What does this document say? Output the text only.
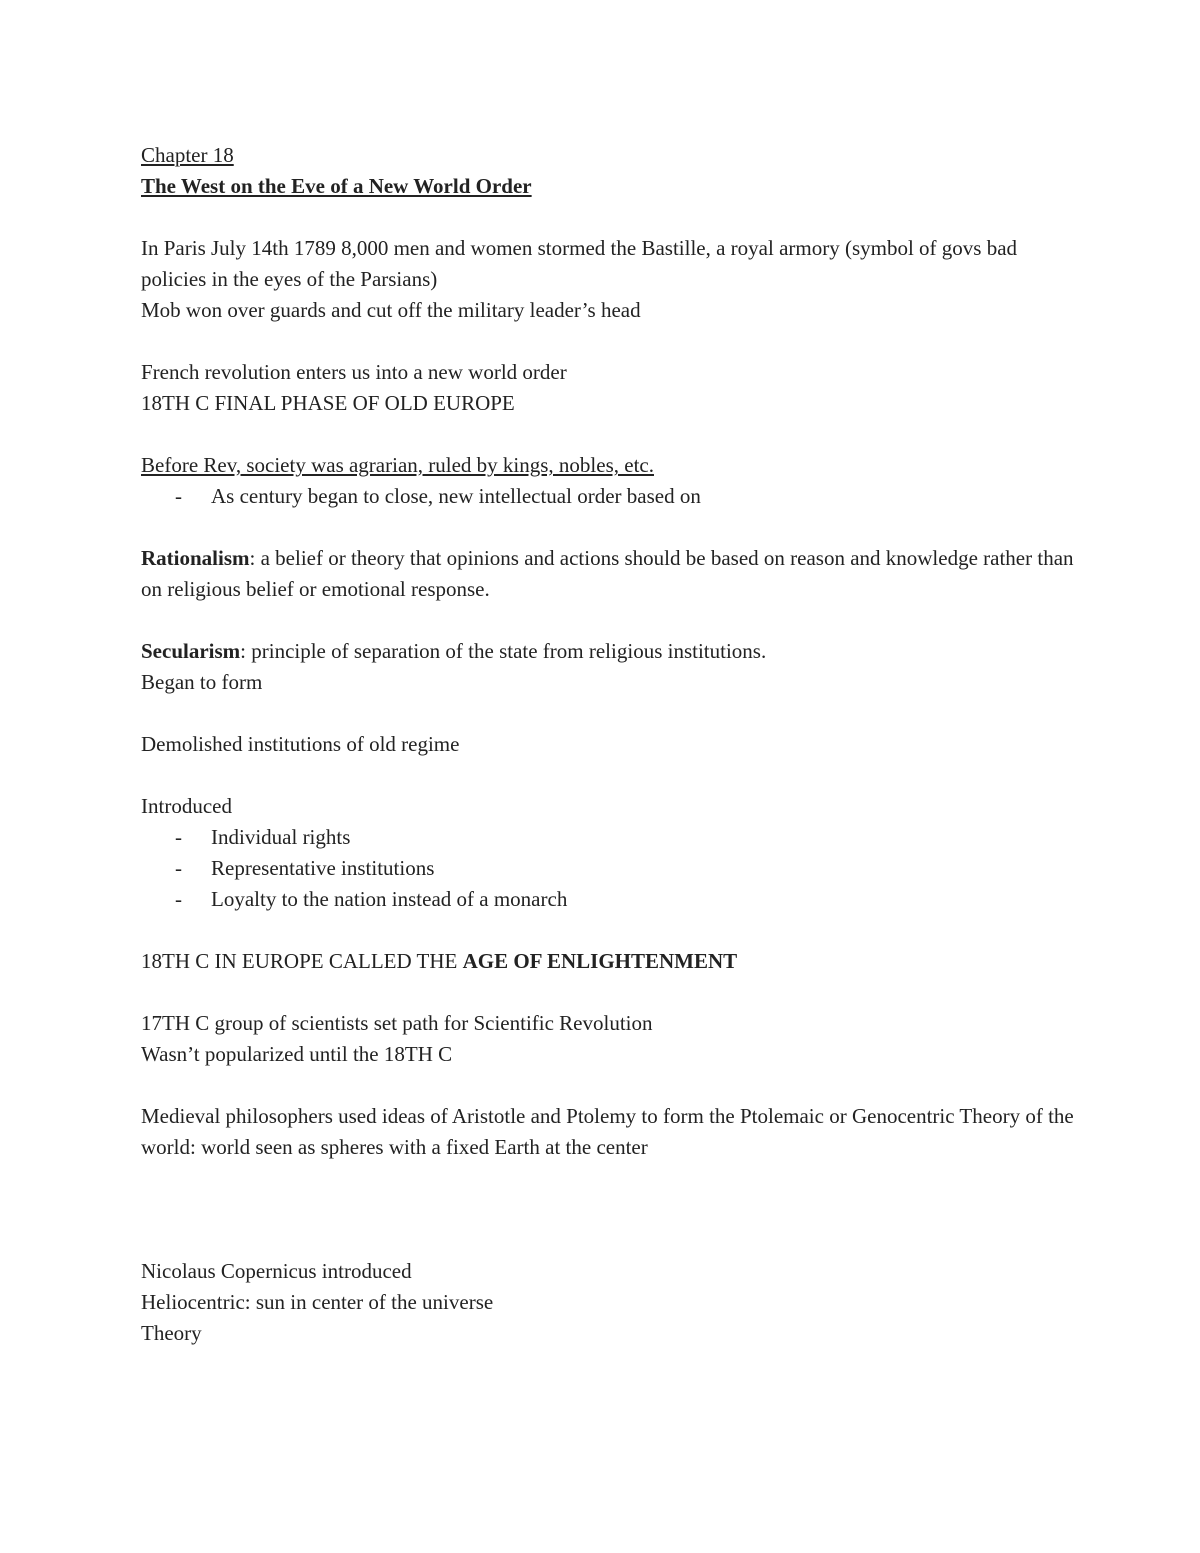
Chapter 18
The West on the Eve of a New World Order
In Paris July 14th 1789 8,000 men and women stormed the Bastille, a royal armory (symbol of govs bad policies in the eyes of the Parsians)
Mob won over guards and cut off the military leader’s head
French revolution enters us into a new world order
18TH C FINAL PHASE OF OLD EUROPE
Before Rev, society was agrarian, ruled by kings, nobles, etc.
-	As century began to close, new intellectual order based on
Rationalism: a belief or theory that opinions and actions should be based on reason and knowledge rather than on religious belief or emotional response.
Secularism: principle of separation of the state from religious institutions.
Began to form
Demolished institutions of old regime
Introduced
-	Individual rights
-	Representative institutions
-	Loyalty to the nation instead of a monarch
18TH C IN EUROPE CALLED THE AGE OF ENLIGHTENMENT
17TH C group of scientists set path for Scientific Revolution
Wasn’t popularized until the 18TH C
Medieval philosophers used ideas of Aristotle and Ptolemy to form the Ptolemaic or Genocentric Theory of the world: world seen as spheres with a fixed Earth at the center
Nicolaus Copernicus introduced
Heliocentric: sun in center of the universe
Theory
